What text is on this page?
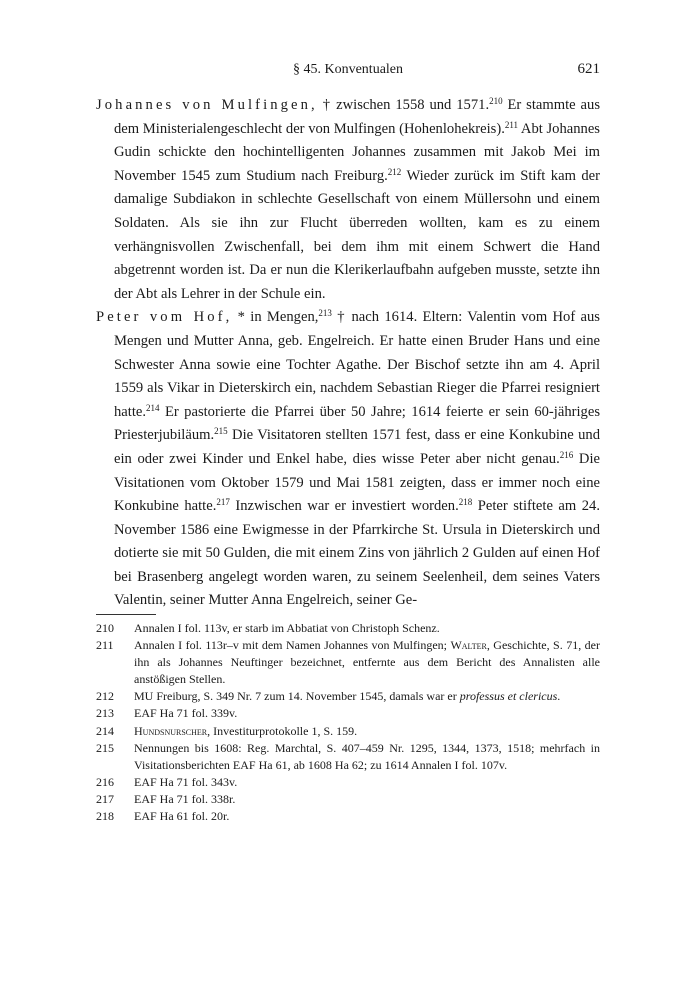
§ 45. Konventualen	621

Johannes von Mulfingen, † zwischen 1558 und 1571.$^{210}$ Er stammte aus dem Ministerialengeschlecht der von Mulfingen (Hohenlohekreis).$^{211}$ Abt Johannes Gudin schickte den hochintelligenten Johannes zusammen mit Jakob Mei im November 1545 zum Studium nach Freiburg.$^{212}$ Wieder zurück im Stift kam der damalige Subdiakon in schlechte Gesellschaft von einem Müllersohn und einem Soldaten. Als sie ihn zur Flucht überreden wollten, kam es zu einem verhängnisvollen Zwischenfall, bei dem ihm mit einem Schwert die Hand abgetrennt worden ist. Da er nun die Klerikerlaufbahn aufgeben musste, setzte ihn der Abt als Lehrer in der Schule ein.

Peter vom Hof, * in Mengen,$^{213}$ † nach 1614. Eltern: Valentin vom Hof aus Mengen und Mutter Anna, geb. Engelreich. Er hatte einen Bruder Hans und eine Schwester Anna sowie eine Tochter Agathe. Der Bischof setzte ihn am 4. April 1559 als Vikar in Dieterskirch ein, nachdem Sebastian Rieger die Pfarrei resigniert hatte.$^{214}$ Er pastorierte die Pfarrei über 50 Jahre; 1614 feierte er sein 60-jähriges Priesterjubiläum.$^{215}$ Die Visitatoren stellten 1571 fest, dass er eine Konkubine und ein oder zwei Kinder und Enkel habe, dies wisse Peter aber nicht genau.$^{216}$ Die Visitationen vom Oktober 1579 und Mai 1581 zeigten, dass er immer noch eine Konkubine hatte.$^{217}$ Inzwischen war er investiert worden.$^{218}$ Peter stiftete am 24. November 1586 eine Ewigmesse in der Pfarrkirche St. Ursula in Dieterskirch und dotierte sie mit 50 Gulden, die mit einem Zins von jährlich 2 Gulden auf einen Hof bei Brasenberg angelegt worden waren, zu seinem Seelenheil, dem seines Vaters Valentin, seiner Mutter Anna Engelreich, seiner Ge-

210 Annalen I fol. 113v, er starb im Abbatiat von Christoph Schenz.
211 Annalen I fol. 113r–v mit dem Namen Johannes von Mulfingen; Walter, Geschichte, S. 71, der ihn als Johannes Neuftinger bezeichnet, entfernte aus dem Bericht des Annalisten alle anstößigen Stellen.
212 MU Freiburg, S. 349 Nr. 7 zum 14. November 1545, damals war er professus et clericus.
213 EAF Ha 71 fol. 339v.
214 Hundsnurscher, Investiturprotokolle 1, S. 159.
215 Nennungen bis 1608: Reg. Marchtal, S. 407–459 Nr. 1295, 1344, 1373, 1518; mehrfach in Visitationsberichten EAF Ha 61, ab 1608 Ha 62; zu 1614 Annalen I fol. 107v.
216 EAF Ha 71 fol. 343v.
217 EAF Ha 71 fol. 338r.
218 EAF Ha 61 fol. 20r.
